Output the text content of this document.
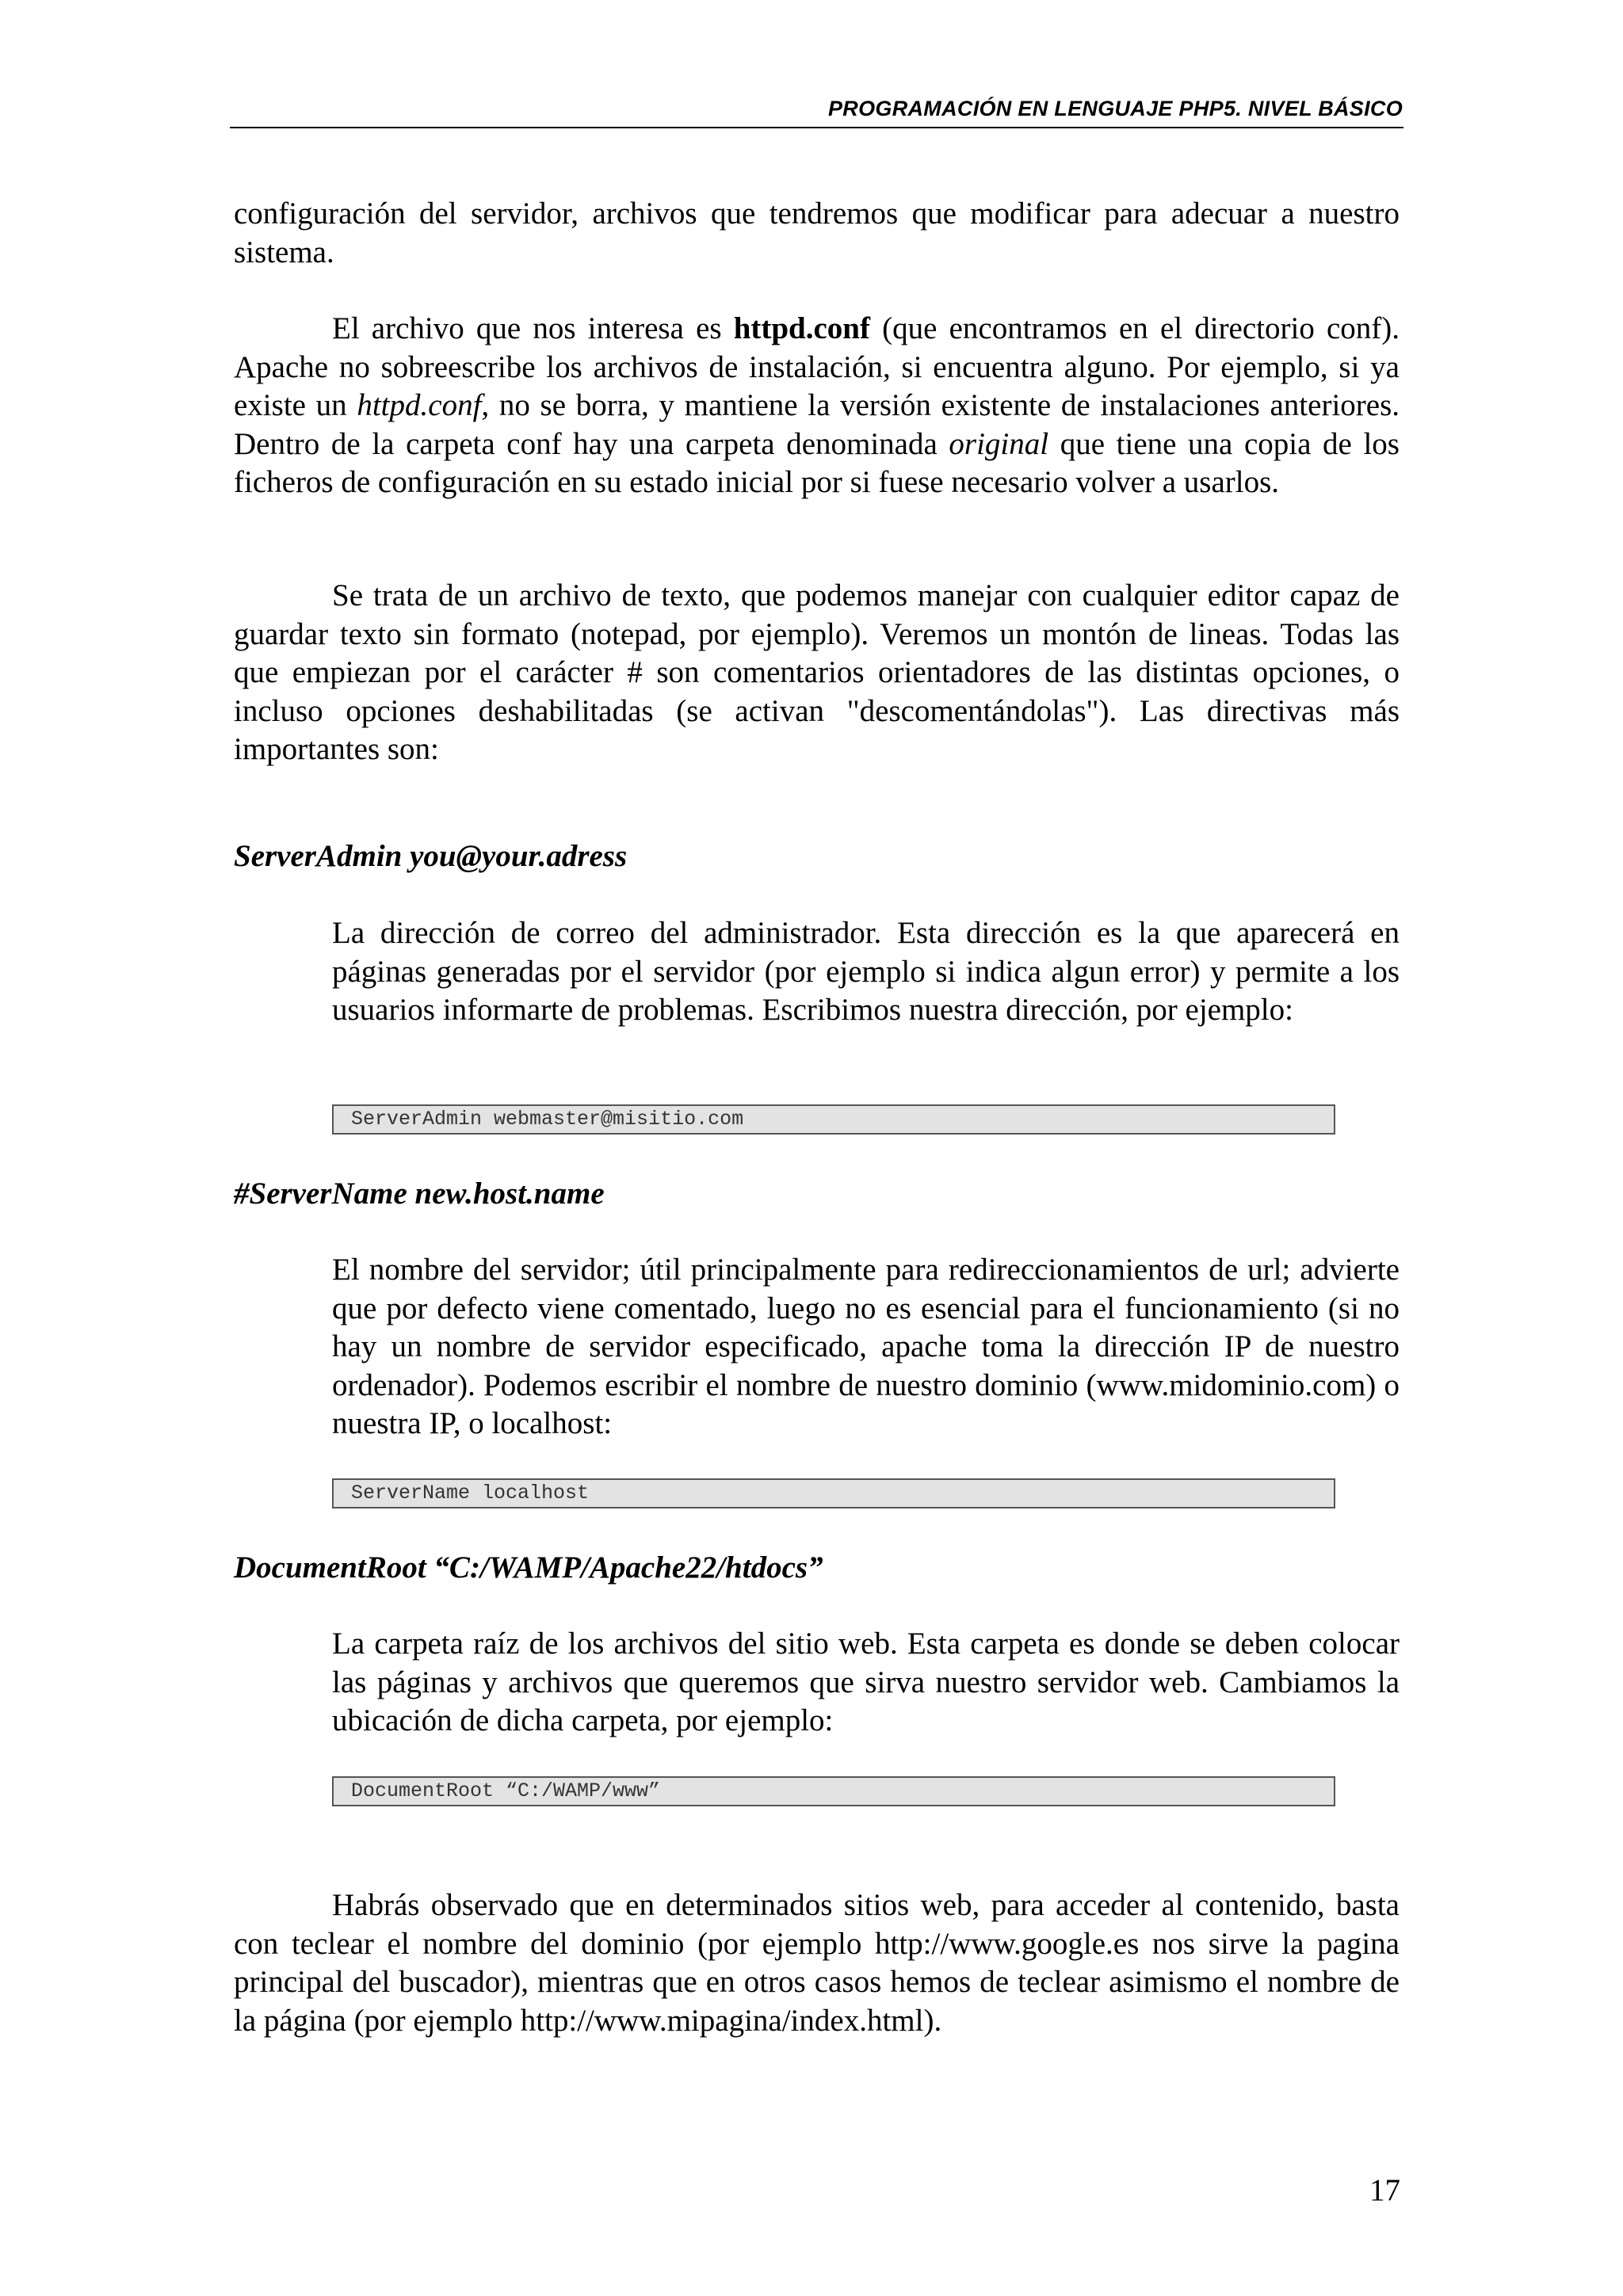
PROGRAMACIÓN EN LENGUAJE PHP5. NIVEL BÁSICO

configuración del servidor, archivos que tendremos que modificar para adecuar a nuestro sistema.

El archivo que nos interesa es httpd.conf (que encontramos en el directorio conf). Apache no sobreescribe los archivos de instalación, si encuentra alguno. Por ejemplo, si ya existe un httpd.conf, no se borra, y mantiene la versión existente de instalaciones anteriores. Dentro de la carpeta conf hay una carpeta denominada original que tiene una copia de los ficheros de configuración en su estado inicial por si fuese necesario volver a usarlos.

Se trata de un archivo de texto, que podemos manejar con cualquier editor capaz de guardar texto sin formato (notepad, por ejemplo). Veremos un montón de lineas. Todas las que empiezan por el carácter # son comentarios orientadores de las distintas opciones, o incluso opciones deshabilitadas (se activan "descomentándolas"). Las directivas más importantes son:

ServerAdmin you@your.adress

La dirección de correo del administrador. Esta dirección es la que aparecerá en páginas generadas por el servidor (por ejemplo si indica algun error) y permite a los usuarios informarte de problemas. Escribimos nuestra dirección, por ejemplo:

ServerAdmin webmaster@misitio.com
#ServerName new.host.name

El nombre del servidor; útil principalmente para redireccionamientos de url; advierte que por defecto viene comentado, luego no es esencial para el funcionamiento (si no hay un nombre de servidor especificado, apache toma la dirección IP de nuestro ordenador). Podemos escribir el nombre de nuestro dominio (www.midominio.com) o nuestra IP, o localhost:

ServerName localhost
DocumentRoot “C:/WAMP/Apache22/htdocs”

La carpeta raíz de los archivos del sitio web. Esta carpeta es donde se deben colocar las páginas y archivos que queremos que sirva nuestro servidor web. Cambiamos la ubicación de dicha carpeta, por ejemplo:

DocumentRoot “C:/WAMP/www”

Habrás observado que en determinados sitios web, para acceder al contenido, basta con teclear el nombre del dominio (por ejemplo http://www.google.es nos sirve la pagina principal del buscador), mientras que en otros casos hemos de teclear asimismo el nombre de la página (por ejemplo http://www.mipagina/index.html).

17
